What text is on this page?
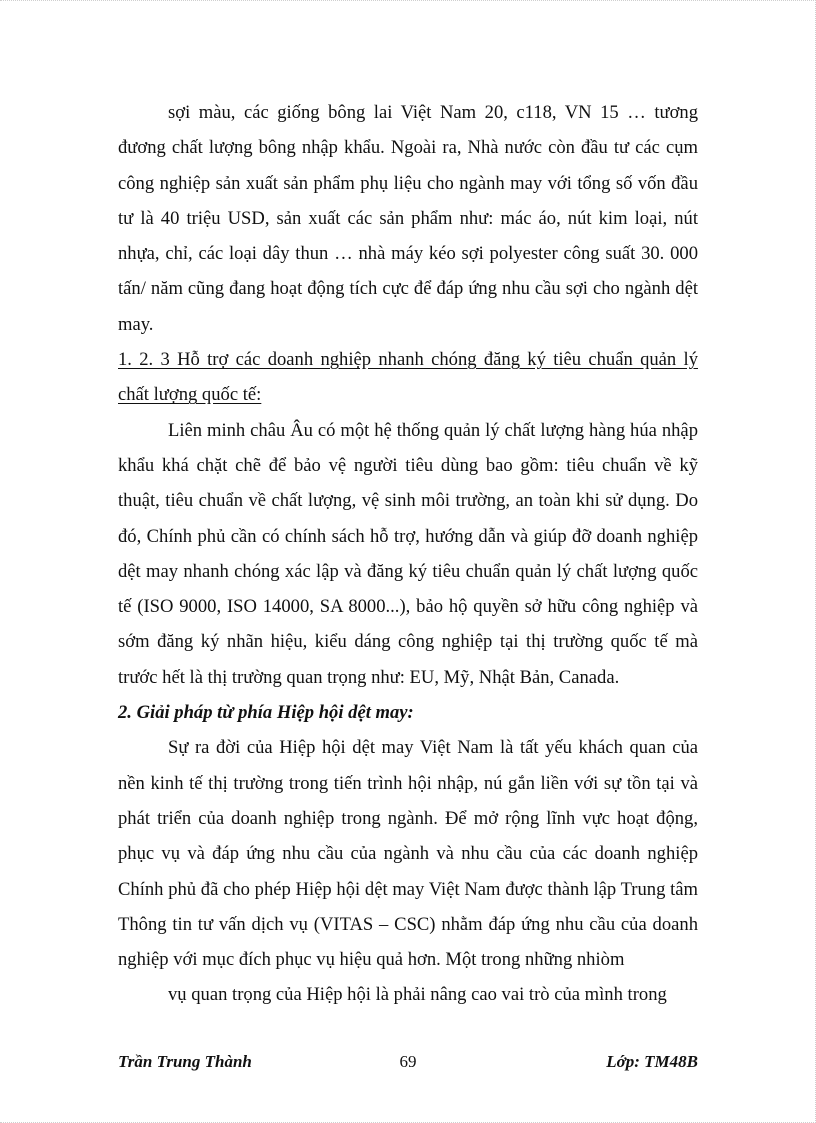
sợi màu, các giống bông lai Việt Nam 20, c118, VN 15 … tương đương chất lượng bông nhập khẩu. Ngoài ra, Nhà nước còn đầu tư các cụm công nghiệp sản xuất sản phẩm phụ liệu cho ngành may với tổng số vốn đầu tư là 40 triệu USD, sản xuất các sản phẩm như: mác áo, nút kim loại, nút nhựa, chỉ, các loại dây thun … nhà máy kéo sợi polyester công suất 30. 000 tấn/ năm cũng đang hoạt động tích cực để đáp ứng nhu cầu sợi cho ngành dệt may.

1. 2. 3 Hỗ trợ các doanh nghiệp nhanh chóng đăng ký tiêu chuẩn quản lý
chất lượng quốc tế:

Liên minh châu Âu có một hệ thống quản lý chất lượng hàng húa nhập khẩu khá chặt chẽ để bảo vệ người tiêu dùng bao gồm: tiêu chuẩn về kỹ thuật, tiêu chuẩn về chất lượng, vệ sinh môi trường, an toàn khi sử dụng. Do đó, Chính phủ cần có chính sách hỗ trợ, hướng dẫn và giúp đỡ doanh nghiệp dệt may nhanh chóng xác lập và đăng ký tiêu chuẩn quản lý chất lượng quốc tế (ISO 9000, ISO 14000, SA 8000...), bảo hộ quyền sở hữu công nghiệp và sớm đăng ký nhãn hiệu, kiểu dáng công nghiệp tại thị trường quốc tế mà trước hết là thị trường quan trọng như: EU, Mỹ, Nhật Bản, Canada.

2. Giải pháp từ phía Hiệp hội dệt may:

Sự ra đời của Hiệp hội dệt may Việt Nam là tất yếu khách quan của nền kinh tế thị trường trong tiến trình hội nhập, nú gắn liền với sự tồn tại và phát triển của doanh nghiệp trong ngành. Để mở rộng lĩnh vực hoạt động, phục vụ và đáp ứng nhu cầu của ngành và nhu cầu của các doanh nghiệp Chính phủ đã cho phép Hiệp hội dệt may Việt Nam được thành lập Trung tâm Thông tin tư vấn dịch vụ (VITAS – CSC) nhằm đáp ứng nhu cầu của doanh nghiệp với mục đích phục vụ hiệu quả hơn. Một trong những nhiòm

vụ quan trọng của Hiệp hội là phải nâng cao vai trò của mình trong

Trần Trung Thành	69	Lớp: TM48B
